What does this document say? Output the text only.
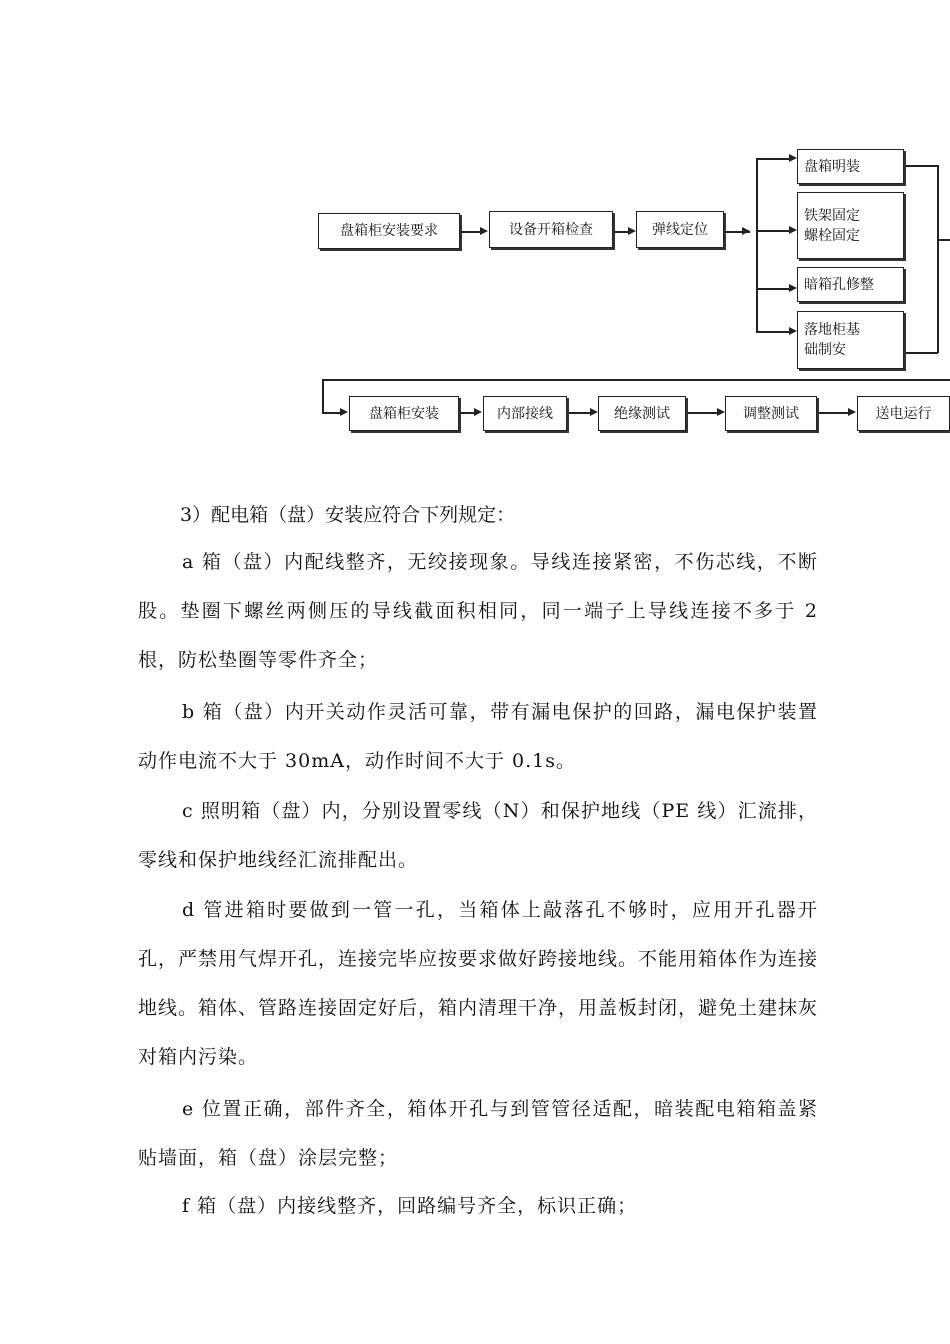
盘箱柜安装要求	设备开箱检查	弹线定位
盘箱明装
铁架固定
螺栓固定
暗箱孔修整
落地柜基
础制安
盘箱柜安装	内部接线	绝缘测试	调整测试	送电运行
3）配电箱（盘）安装应符合下列规定：
a 箱（盘）内配线整齐，无绞接现象。导线连接紧密，不伤芯线，不断股。垫圈下螺丝两侧压的导线截面积相同，同一端子上导线连接不多于 2 根，防松垫圈等零件齐全；
b 箱（盘）内开关动作灵活可靠，带有漏电保护的回路，漏电保护装置动作电流不大于 30mA，动作时间不大于 0.1s。
c 照明箱（盘）内，分别设置零线（N）和保护地线（PE 线）汇流排，零线和保护地线经汇流排配出。
d 管进箱时要做到一管一孔，当箱体上敲落孔不够时，应用开孔器开孔，严禁用气焊开孔，连接完毕应按要求做好跨接地线。不能用箱体作为连接地线。箱体、管路连接固定好后，箱内清理干净，用盖板封闭，避免土建抹灰对箱内污染。
e 位置正确，部件齐全，箱体开孔与到管管径适配，暗装配电箱箱盖紧贴墙面，箱（盘）涂层完整；
f 箱（盘）内接线整齐，回路编号齐全，标识正确；
